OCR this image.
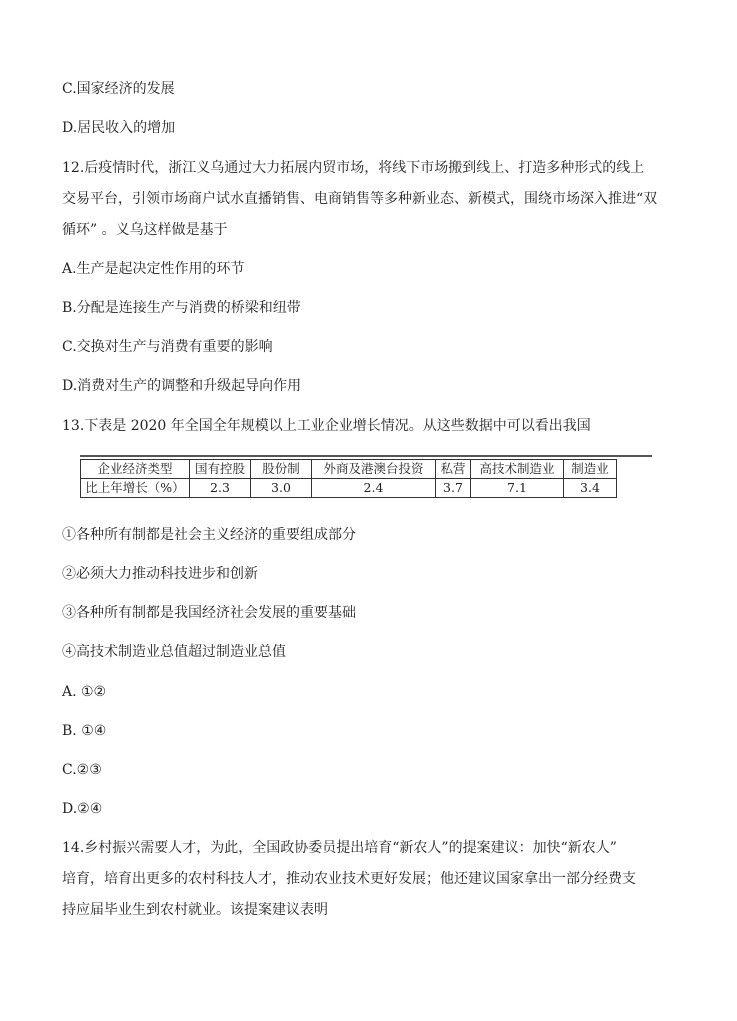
C.国家经济的发展
D.居民收入的增加
12.后疫情时代，浙江义乌通过大力拓展内贸市场，将线下市场搬到线上、打造多种形式的线上
交易平台，引领市场商户试水直播销售、电商销售等多种新业态、新模式，围绕市场深入推进“双
循环” 。义乌这样做是基于
A.生产是起决定性作用的环节
B.分配是连接生产与消费的桥梁和纽带
C.交换对生产与消费有重要的影响
D.消费对生产的调整和升级起导向作用
13.下表是 2020 年全国全年规模以上工业企业增长情况。从这些数据中可以看出我国
企业经济类型	国有控股	股份制	外商及港澳台投资	私营	高技术制造业	制造业
比上年增长（%）	2.3	3.0	2.4	3.7	7.1	3.4
①各种所有制都是社会主义经济的重要组成部分
②必须大力推动科技进步和创新
③各种所有制都是我国经济社会发展的重要基础
④高技术制造业总值超过制造业总值
A. ①②
B. ①④
C.②③
D.②④
14.乡村振兴需要人才，为此，全国政协委员提出培育“新农人”的提案建议：加快“新农人”
培育，培育出更多的农村科技人才，推动农业技术更好发展；他还建议国家拿出一部分经费支
持应届毕业生到农村就业。该提案建议表明
